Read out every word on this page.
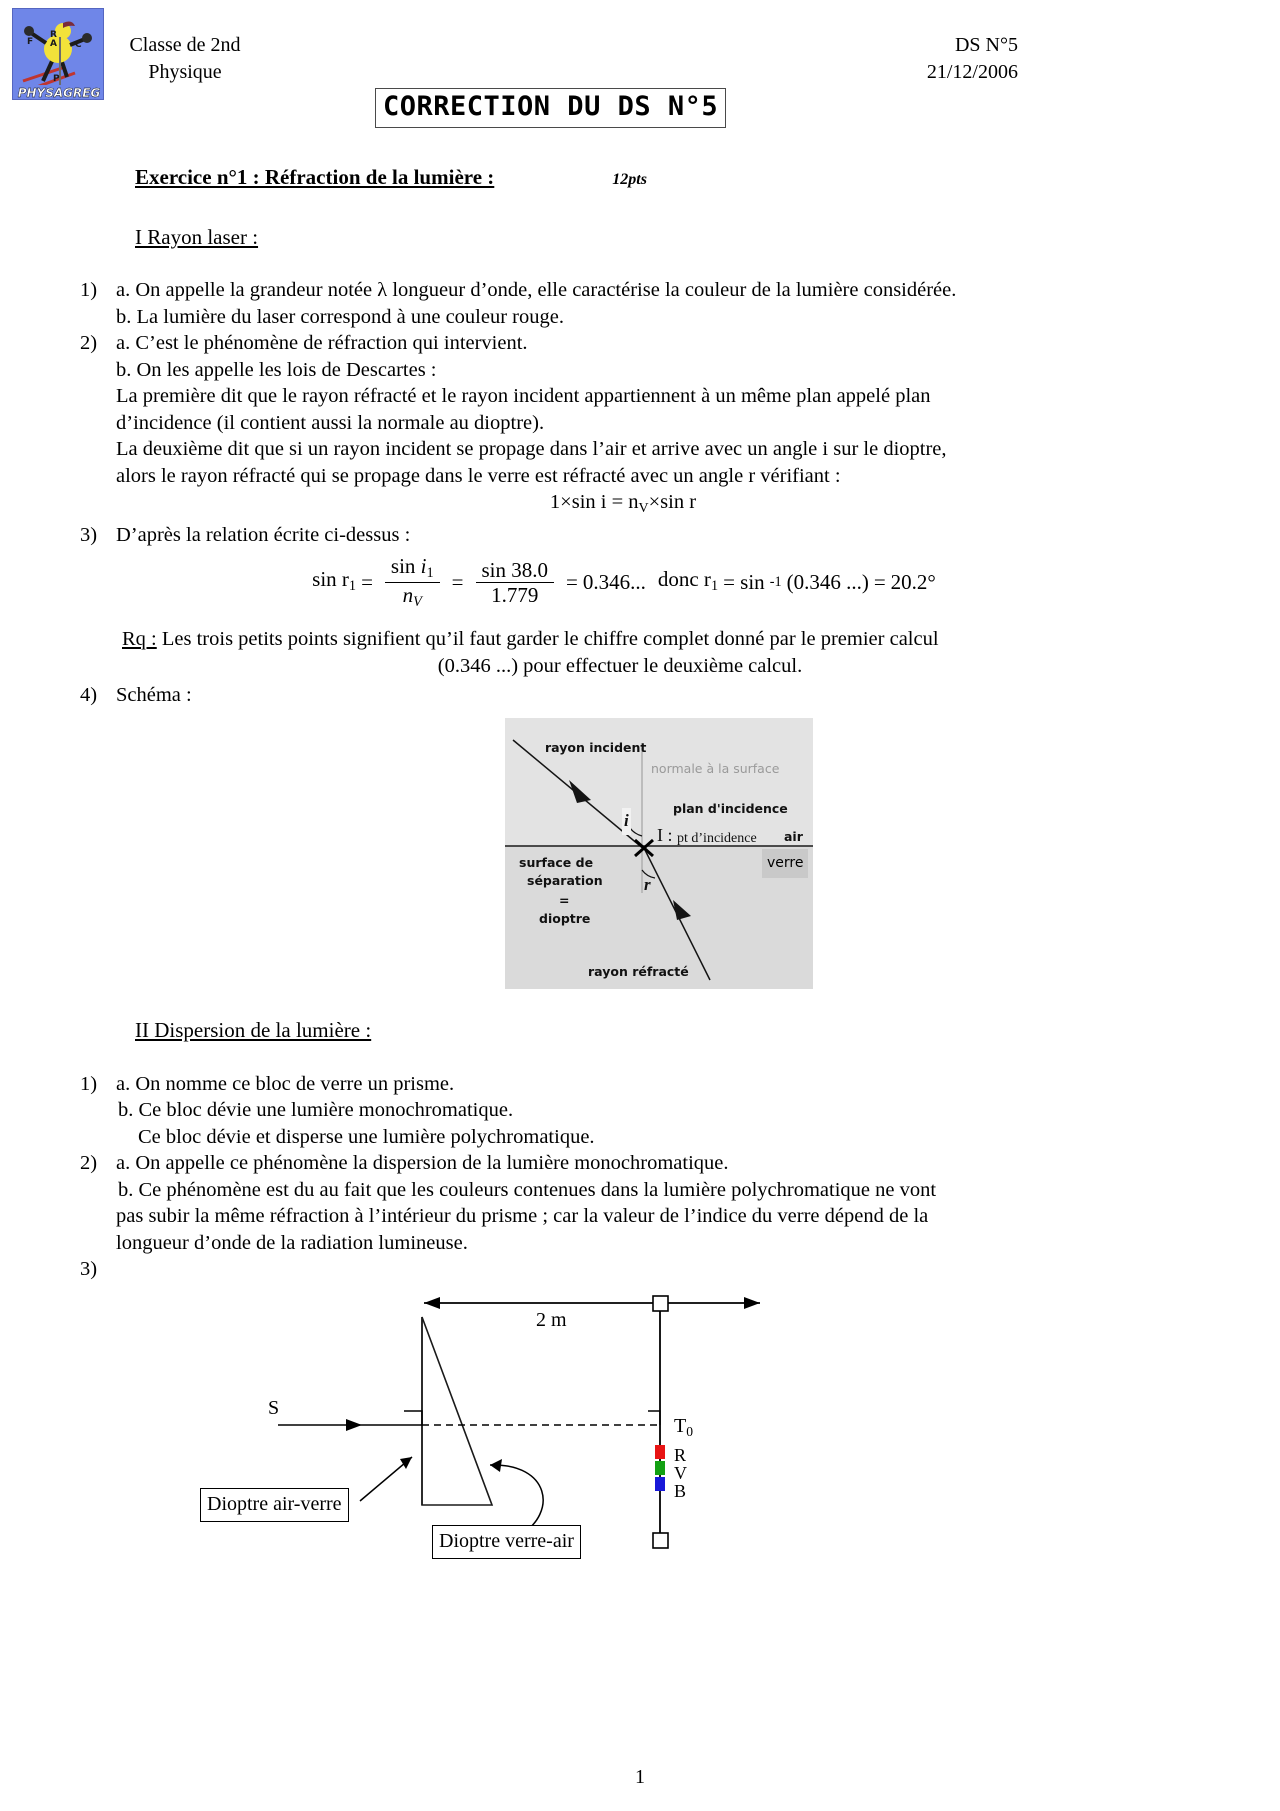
F
R
A C
P
PHYSAGREG
Classe de 2nd
Physique
DS N°5
21/12/2006
CORRECTION DU DS N°5
Exercice n°1 : Réfraction de la lumière :	12pts
I Rayon laser :
1) a. On appelle la grandeur notée λ longueur d’onde, elle caractérise la couleur de la lumière considérée.
b. La lumière du laser correspond à une couleur rouge.
2) a. C’est le phénomène de réfraction qui intervient.
b. On les appelle les lois de Descartes :
La première dit que le rayon réfracté et le rayon incident appartiennent à un même plan appelé plan
d’incidence (il contient aussi la normale au dioptre).
La deuxième dit que si un rayon incident se propage dans l’air et arrive avec un angle i sur le dioptre,
alors le rayon réfracté qui se propage dans le verre est réfracté avec un angle r vérifiant :
1×sin $i = n_V\times\sin$ r
3) D’après la relation écrite ci-dessus :
$\sin r_1 = \frac{\sin i_1}{n_V} = \frac{\sin 38.0}{1.779} = 0.346$... donc $r_1 = \sin -1$ (0.346 ...) = 20.2°
Rq : Les trois petits points signifient qu’il faut garder le chiffre complet donné par le premier calcul
(0.346 ...) pour effectuer le deuxième calcul.
4) Schéma :
rayon incident
normale à la surface
plan d'incidence
i
I : pt d’incidence air
verre
surface de
séparation
=
dioptre
r
rayon réfracté
II Dispersion de la lumière :
1) a. On nomme ce bloc de verre un prisme.
b. Ce bloc dévie une lumière monochromatique.
Ce bloc dévie et disperse une lumière polychromatique.
2) a. On appelle ce phénomène la dispersion de la lumière monochromatique.
b. Ce phénomène est du au fait que les couleurs contenues dans la lumière polychromatique ne vont
pas subir la même réfraction à l’intérieur du prisme ; car la valeur de l’indice du verre dépend de la
longueur d’onde de la radiation lumineuse.
3)

2 m
S
$T_0$
R
V
B
Dioptre air-verre
Dioptre verre-air
1
